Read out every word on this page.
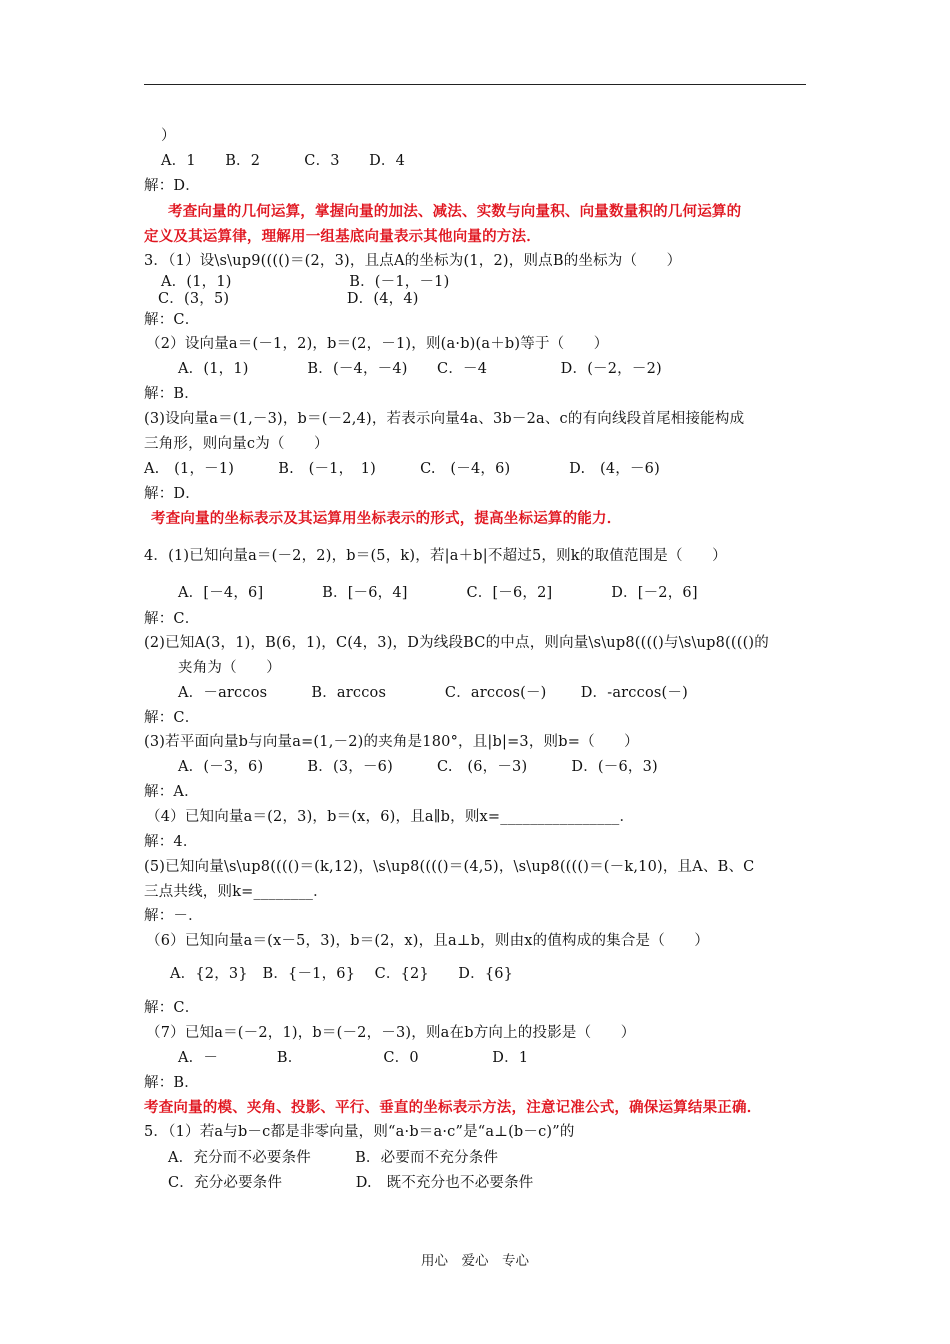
）
A．1　　B．2　　　C．3　　D．4
解：D．
考查向量的几何运算，掌握向量的加法、减法、实数与向量积、向量数量积的几何运算的
定义及其运算律，理解用一组基底向量表示其他向量的方法．
3．（1）设\s\up9(((()＝(2，3)，且点A的坐标为(1，2)，则点B的坐标为（　　）
A．(1，1)　　　　　　　　B．(－1，－1)
C．(3，5)　　　　　　　　D．(4，4)
解：C．
（2）设向量a＝(－1，2)，b＝(2，－1)，则(a·b)(a＋b)等于（　　）
A．(1，1)　　　　B．(－4，－4)　　C．－4　　　　　D．(－2，－2)
解：B．
(3)设向量a＝(1,－3)，b＝(－2,4)，若表示向量4a、3b－2a、c的有向线段首尾相接能构成
三角形，则向量c为（　　）
A.　(1，－1)　　　B.　(－1，　1)　　　C.　(－4，6)　　　　D.　(4，－6)
解：D．
考查向量的坐标表示及其运算用坐标表示的形式，提高坐标运算的能力．
4．(1)已知向量a＝(－2，2)，b＝(5，k)，若|a＋b|不超过5，则k的取值范围是（　　）
A．[－4，6]　　　　B．[－6，4]　　　　C．[－6，2]　　　　D．[－2，6]
解：C．
(2)已知A(3，1)，B(6，1)，C(4，3)，D为线段BC的中点，则向量\s\up8(((()与\s\up8(((()的
夹角为（　　）
A．－arccos　　　B．arccos　　　　C．arccos(－)　　 D．-arccos(－)
解：C．
(3)若平面向量b与向量a=(1,－2)的夹角是180°，且|b|=3，则b=（　　）
A．(－3，6)　　　B．(3，－6)　　　C.　(6，－3)　　　D．(－6，3)
解：A．
（4）已知向量a＝(2，3)，b＝(x，6)，且a∥b，则x=________________．
解：4．
(5)已知向量\s\up8(((()＝(k,12)，\s\up8(((()＝(4,5)，\s\up8(((()＝(－k,10)，且A、B、C
三点共线，则k=________．
解：－．
（6）已知向量a＝(x－5，3)，b＝(2，x)，且a⊥b，则由x的值构成的集合是（　　）
A．{2，3}　B．{－1，6}　 C．{2}　　D．{6}
解：C．
（7）已知a＝(－2，1)，b＝(－2，－3)，则a在b方向上的投影是（　　）
A．－　　　　B．　　　　　　C．0　　　　　D．1
解：B．
考查向量的模、夹角、投影、平行、垂直的坐标表示方法，注意记准公式，确保运算结果正确．
5．（1）若a与b－c都是非零向量，则“a·b＝a·c”是“a⊥(b－c)”的
A．充分而不必要条件　　　B．必要而不充分条件
C．充分必要条件　　　　　D.　既不充分也不必要条件
用心　爱心　专心
